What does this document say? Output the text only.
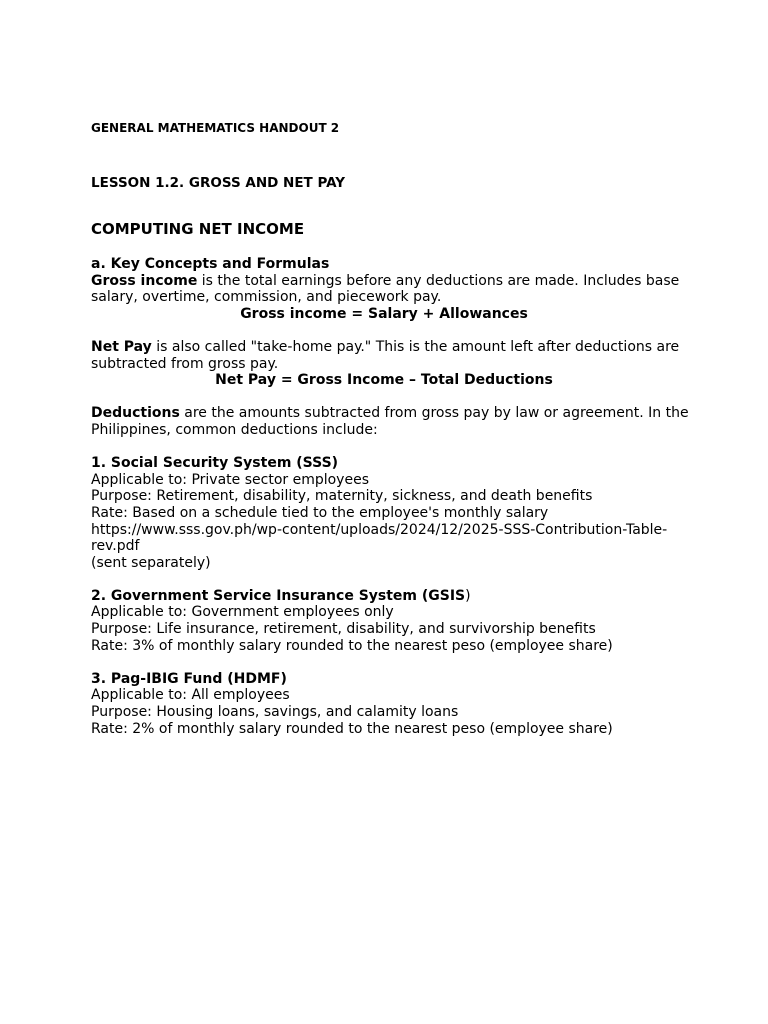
GENERAL MATHEMATICS HANDOUT 2
LESSON 1.2. GROSS AND NET PAY
COMPUTING NET INCOME

a. Key Concepts and Formulas

Gross income is the total earnings before any deductions are made. Includes base salary, overtime, commission, and piecework pay.

Gross income = Salary + Allowances

Net Pay is also called "take-home pay." This is the amount left after deductions are subtracted from gross pay.

Net Pay = Gross Income – Total Deductions

Deductions are the amounts subtracted from gross pay by law or agreement. In the Philippines, common deductions include:

1. Social Security System (SSS)

Applicable to: Private sector employees

Purpose: Retirement, disability, maternity, sickness, and death benefits

Rate: Based on a schedule tied to the employee's monthly salary

https://www.sss.gov.ph/wp-content/uploads/2024/12/2025-SSS-Contribution-Table-

rev.pdf

(sent separately)

2. Government Service Insurance System (GSIS)

Applicable to: Government employees only

Purpose: Life insurance, retirement, disability, and survivorship benefits

Rate: 3% of monthly salary rounded to the nearest peso (employee share)

3. Pag-IBIG Fund (HDMF)

Applicable to: All employees

Purpose: Housing loans, savings, and calamity loans

Rate: 2% of monthly salary rounded to the nearest peso (employee share)
